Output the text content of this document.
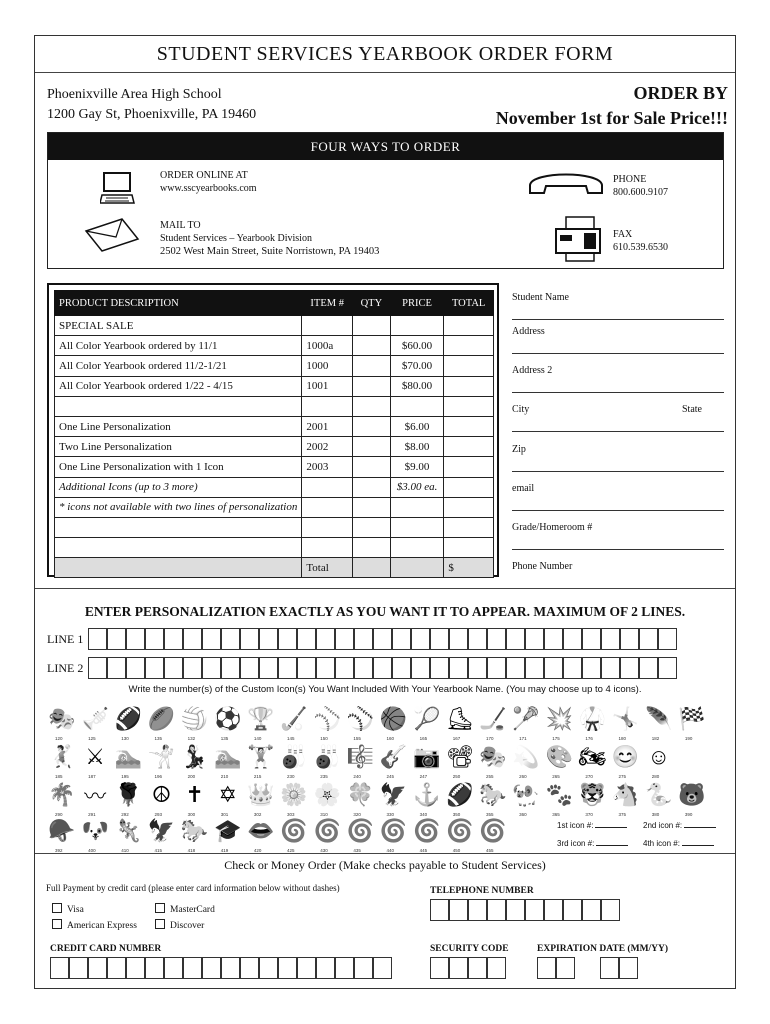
STUDENT SERVICES YEARBOOK ORDER FORM
Phoenixville Area High School
1200 Gay St, Phoenixville, PA 19460
ORDER BY
November 1st for Sale Price!!!
FOUR WAYS TO ORDER
ORDER ONLINE AT
www.sscyearbooks.com
MAIL TO
Student Services – Yearbook Division
2502 West Main Street, Suite Norristown, PA 19403
PHONE
800.600.9107
FAX
610.539.6530
PRODUCT DESCRIPTION	ITEM #	QTY	PRICE	TOTAL
SPECIAL SALE				
All Color Yearbook ordered by 11/1	1000a		$60.00	
All Color Yearbook ordered 11/2-1/21	1000		$70.00	
All Color Yearbook ordered 1/22 - 4/15	1001		$80.00	

One Line Personalization	2001		$6.00	
Two Line Personalization	2002		$8.00	
One Line Personalization with 1 Icon	2003		$9.00	
Additional Icons (up to 3 more)			$3.00 ea.	
* icons not available with two lines of personalization				

	Total			$
Student Name
Address
Address 2
City	State
Zip
email
Grade/Homeroom #
Phone Number
ENTER PERSONALIZATION EXACTLY AS YOU WANT IT TO APPEAR. MAXIMUM OF 2 LINES.
LINE 1
LINE 2
Write the number(s) of the Custom Icon(s) You Want Included With Your Yearbook Name. (You may choose up to 4 icons).
🎭
120
🎺
125
🏈
130
🏉
135
🏐
132
⚽
135
🏆
140
🏑
145
⚾
150
🥎
155
🏀
160
🎾
165
⛸
167
🏒
170
🥍
171
💥
175
🥋
176
🤸
180
🪶
182
🏁
190
🤾
185
⚔
187
🏊
195
🤺
196
💃
200
🏊
210
🏋
215
🎳
230
🎳
235
🎼
240
🎸
245
📷
247
📽
250
🎭
255
💫
260
🎨
265
🏍
270
😊
275
☺
280
🌴
290
〰
291
🌹
292
☮
293
✝
300
✡
301
👑
302
🌼
303
🌸
310
🍀
320
🦅
330
⚓
340
🏈
350
🐎
355
🐏
360
🐾
365
🐯
370
🐴
375
🐍
380
🐻
390
🪖
392
🐶
400
🦎
410
🦅
415
🐎
418
🎓
419
👄
420
🌀
425
🌀
430
🌀
435
🌀
440
🌀
445
🌀
450
🌀
455
1st icon #:	2nd icon #:
3rd icon #:	4th icon #:
Check or Money Order (Make checks payable to Student Services)
Full Payment by credit card (please enter card information below without dashes)
Visa	MasterCard
American Express	Discover
TELEPHONE NUMBER
CREDIT CARD NUMBER	SECURITY CODE	EXPIRATION DATE (MM/YY)
